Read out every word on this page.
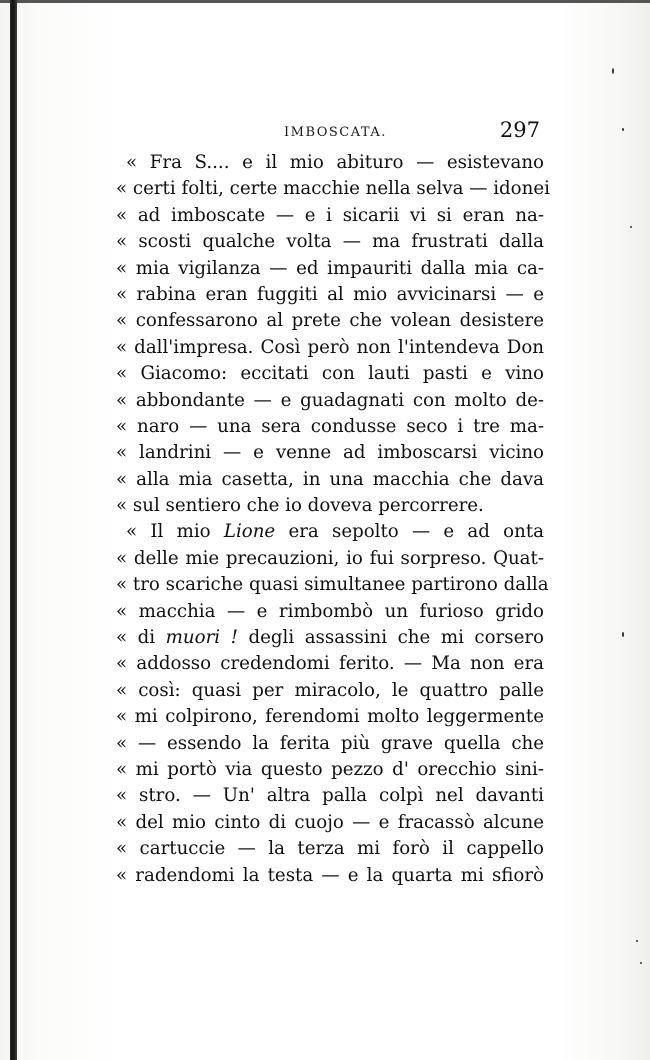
IMBOSCATA.	297
« Fra S.... e il mio abituro — esistevano
« certi folti, certe macchie nella selva — idonei
« ad imboscate — e i sicarii vi si eran na-
« scosti qualche volta — ma frustrati dalla
« mia vigilanza — ed impauriti dalla mia ca-
« rabina eran fuggiti al mio avvicinarsi — e
« confessarono al prete che volean desistere
« dall'impresa. Così però non l'intendeva Don
« Giacomo: eccitati con lauti pasti e vino
« abbondante — e guadagnati con molto de-
« naro — una sera condusse seco i tre ma-
« landrini — e venne ad imboscarsi vicino
« alla mia casetta, in una macchia che dava
« sul sentiero che io doveva percorrere.
« Il mio Lione era sepolto — e ad onta
« delle mie precauzioni, io fui sorpreso. Quat-
« tro scariche quasi simultanee partirono dalla
« macchia — e rimbombò un furioso grido
« di muori ! degli assassini che mi corsero
« addosso credendomi ferito. — Ma non era
« così: quasi per miracolo, le quattro palle
« mi colpirono, ferendomi molto leggermente
« — essendo la ferita più grave quella che
« mi portò via questo pezzo d' orecchio sini-
« stro. — Un' altra palla colpì nel davanti
« del mio cinto di cuojo — e fracassò alcune
« cartuccie — la terza mi forò il cappello
« radendomi la testa — e la quarta mi sfiorò
